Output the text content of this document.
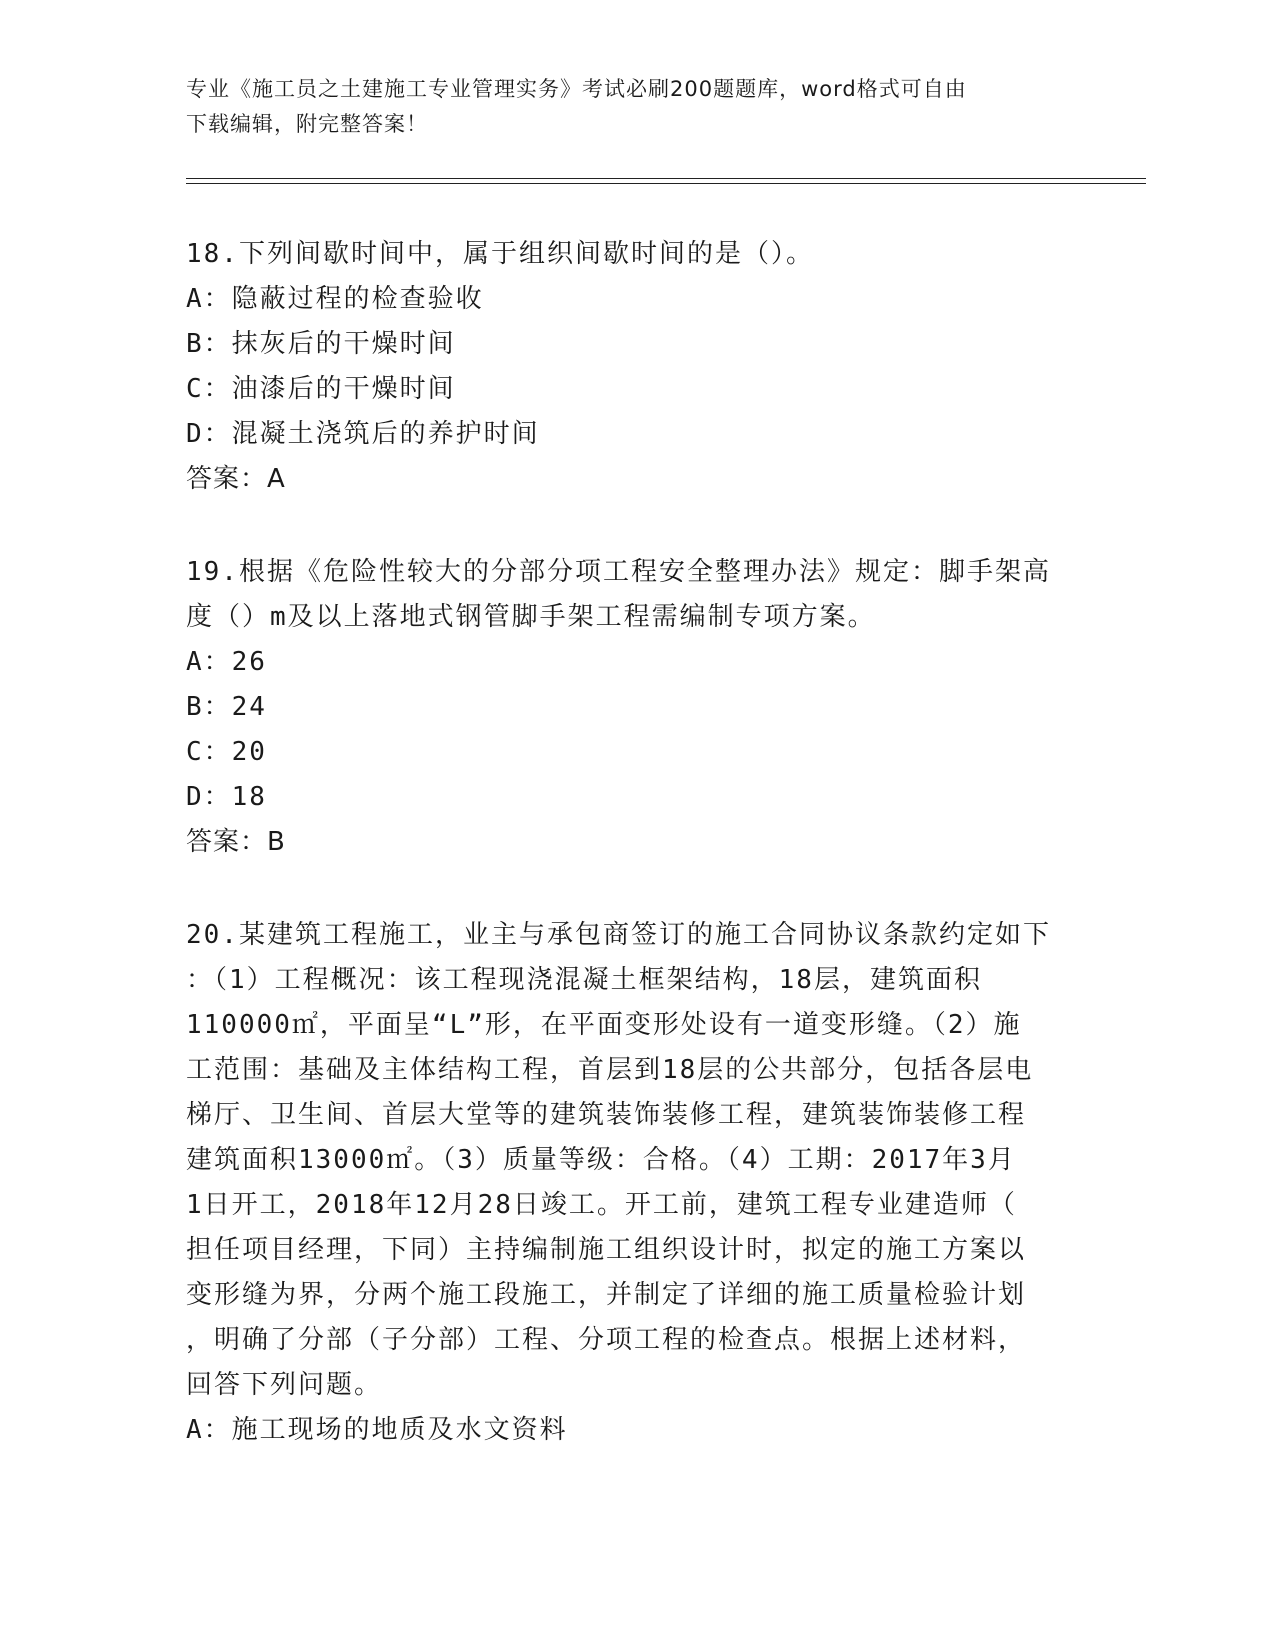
专业《施工员之土建施工专业管理实务》考试必刷200题题库，word格式可自由
下载编辑，附完整答案！
18.下列间歇时间中，属于组织间歇时间的是（）。
A：隐蔽过程的检查验收
B：抹灰后的干燥时间
C：油漆后的干燥时间
D：混凝土浇筑后的养护时间
答案：A
19.根据《危险性较大的分部分项工程安全整理办法》规定：脚手架高
度（）m及以上落地式钢管脚手架工程需编制专项方案。
A：26
B：24
C：20
D：18
答案：B
20.某建筑工程施工，业主与承包商签订的施工合同协议条款约定如下
：（1）工程概况：该工程现浇混凝土框架结构，18层，建筑面积
110000㎡，平面呈“L”形，在平面变形处设有一道变形缝。（2）施
工范围：基础及主体结构工程，首层到18层的公共部分，包括各层电
梯厅、卫生间、首层大堂等的建筑装饰装修工程，建筑装饰装修工程
建筑面积13000㎡。（3）质量等级：合格。（4）工期：2017年3月
1日开工，2018年12月28日竣工。开工前，建筑工程专业建造师（
担任项目经理，下同）主持编制施工组织设计时，拟定的施工方案以
变形缝为界，分两个施工段施工，并制定了详细的施工质量检验计划
，明确了分部（子分部）工程、分项工程的检查点。根据上述材料，
回答下列问题。
A：施工现场的地质及水文资料
